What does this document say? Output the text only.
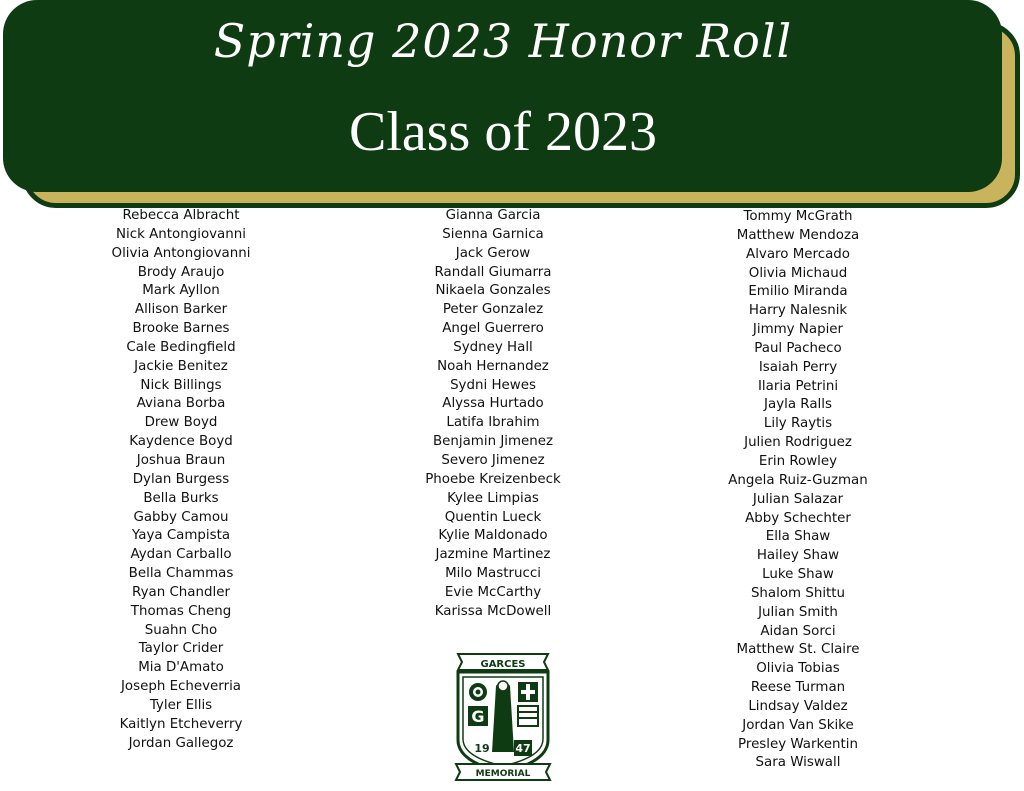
Spring 2023 Honor Roll
Class of 2023
Rebecca Albracht
Nick Antongiovanni
Olivia Antongiovanni
Brody Araujo
Mark Ayllon
Allison Barker
Brooke Barnes
Cale Bedingfield
Jackie Benitez
Nick Billings
Aviana Borba
Drew Boyd
Kaydence Boyd
Joshua Braun
Dylan Burgess
Bella Burks
Gabby Camou
Yaya Campista
Aydan Carballo
Bella Chammas
Ryan Chandler
Thomas Cheng
Suahn Cho
Taylor Crider
Mia D'Amato
Joseph Echeverria
Tyler Ellis
Kaitlyn Etcheverry
Jordan Gallegoz
Gianna Garcia
Sienna Garnica
Jack Gerow
Randall Giumarra
Nikaela Gonzales
Peter Gonzalez
Angel Guerrero
Sydney Hall
Noah Hernandez
Sydni Hewes
Alyssa Hurtado
Latifa Ibrahim
Benjamin Jimenez
Severo Jimenez
Phoebe Kreizenbeck
Kylee Limpias
Quentin Lueck
Kylie Maldonado
Jazmine Martinez
Milo Mastrucci
Evie McCarthy
Karissa McDowell
Tommy McGrath
Matthew Mendoza
Alvaro Mercado
Olivia Michaud
Emilio Miranda
Harry Nalesnik
Jimmy Napier
Paul Pacheco
Isaiah Perry
Ilaria Petrini
Jayla Ralls
Lily Raytis
Julien Rodriguez
Erin Rowley
Angela Ruiz-Guzman
Julian Salazar
Abby Schechter
Ella Shaw
Hailey Shaw
Luke Shaw
Shalom Shittu
Julian Smith
Aidan Sorci
Matthew St. Claire
Olivia Tobias
Reese Turman
Lindsay Valdez
Jordan Van Skike
Presley Warkentin
Sara Wiswall
GARCES
G
19 47
MEMORIAL
